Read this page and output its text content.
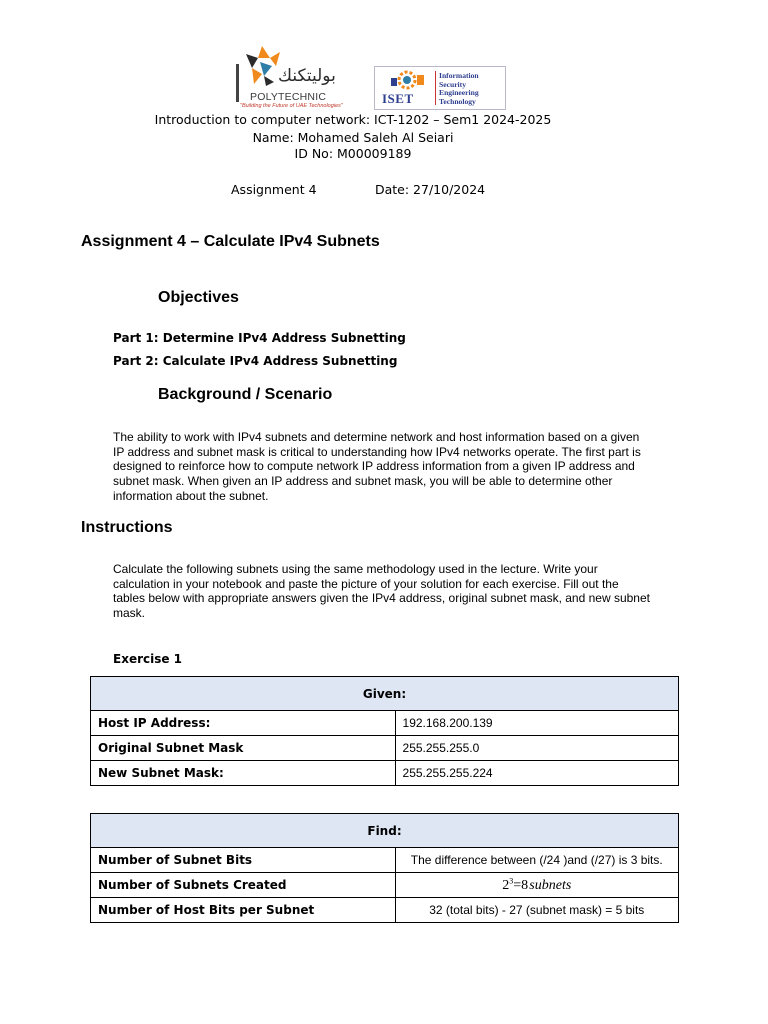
بوليتكنك
POLYTECHNIC
"Building the Future of UAE Technologies"	ISET
Information
Security
Engineering
Technology
Introduction to computer network: ICT-1202 – Sem1 2024-2025
Name: Mohamed Saleh Al Seiari
ID No: M00009189
Assignment 4	Date: 27/10/2024
Assignment 4 – Calculate IPv4 Subnets
Objectives
Part 1: Determine IPv4 Address Subnetting
Part 2: Calculate IPv4 Address Subnetting
Background / Scenario
The ability to work with IPv4 subnets and determine network and host information based on a given
IP address and subnet mask is critical to understanding how IPv4 networks operate. The first part is
designed to reinforce how to compute network IP address information from a given IP address and
subnet mask. When given an IP address and subnet mask, you will be able to determine other
information about the subnet.
Instructions
Calculate the following subnets using the same methodology used in the lecture. Write your
calculation in your notebook and paste the picture of your solution for each exercise. Fill out the
tables below with appropriate answers given the IPv4 address, original subnet mask, and new subnet
mask.
Exercise 1
Given:	
Host IP Address:	192.168.200.139
Original Subnet Mask	255.255.255.0
New Subnet Mask:	255.255.255.224
Find:	
Number of Subnet Bits	The difference between (/24 )and (/27) is 3 bits.
Number of Subnets Created	$2^3=8$ subnets
Number of Host Bits per Subnet	32 (total bits) - 27 (subnet mask) = 5 bits
